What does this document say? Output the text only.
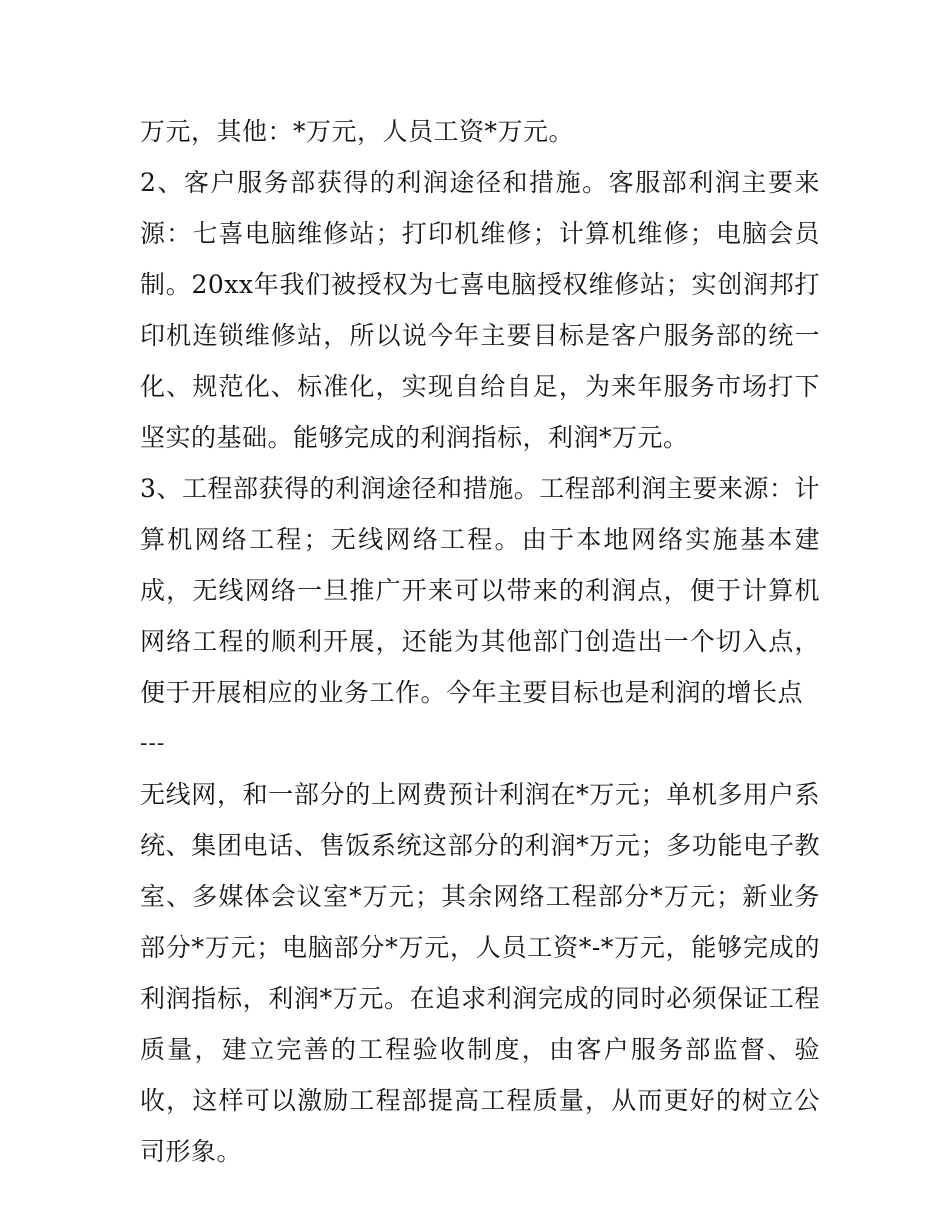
万元，其他：*万元，人员工资*万元。

2、客户服务部获得的利润途径和措施。客服部利润主要来源：七喜电脑维修站；打印机维修；计算机维修；电脑会员制。20xx年我们被授权为七喜电脑授权维修站；实创润邦打印机连锁维修站，所以说今年主要目标是客户服务部的统一化、规范化、标准化，实现自给自足，为来年服务市场打下坚实的基础。能够完成的利润指标，利润*万元。

3、工程部获得的利润途径和措施。工程部利润主要来源：计算机网络工程；无线网络工程。由于本地网络实施基本建成，无线网络一旦推广开来可以带来的利润点，便于计算机网络工程的顺利开展，还能为其他部门创造出一个切入点，便于开展相应的业务工作。今年主要目标也是利润的增长点

---

无线网，和一部分的上网费预计利润在*万元；单机多用户系统、集团电话、售饭系统这部分的利润*万元；多功能电子教室、多媒体会议室*万元；其余网络工程部分*万元；新业务部分*万元；电脑部分*万元，人员工资*-*万元，能够完成的利润指标，利润*万元。在追求利润完成的同时必须保证工程质量，建立完善的工程验收制度，由客户服务部监督、验收，这样可以激励工程部提高工程质量，从而更好的树立公司形象。
